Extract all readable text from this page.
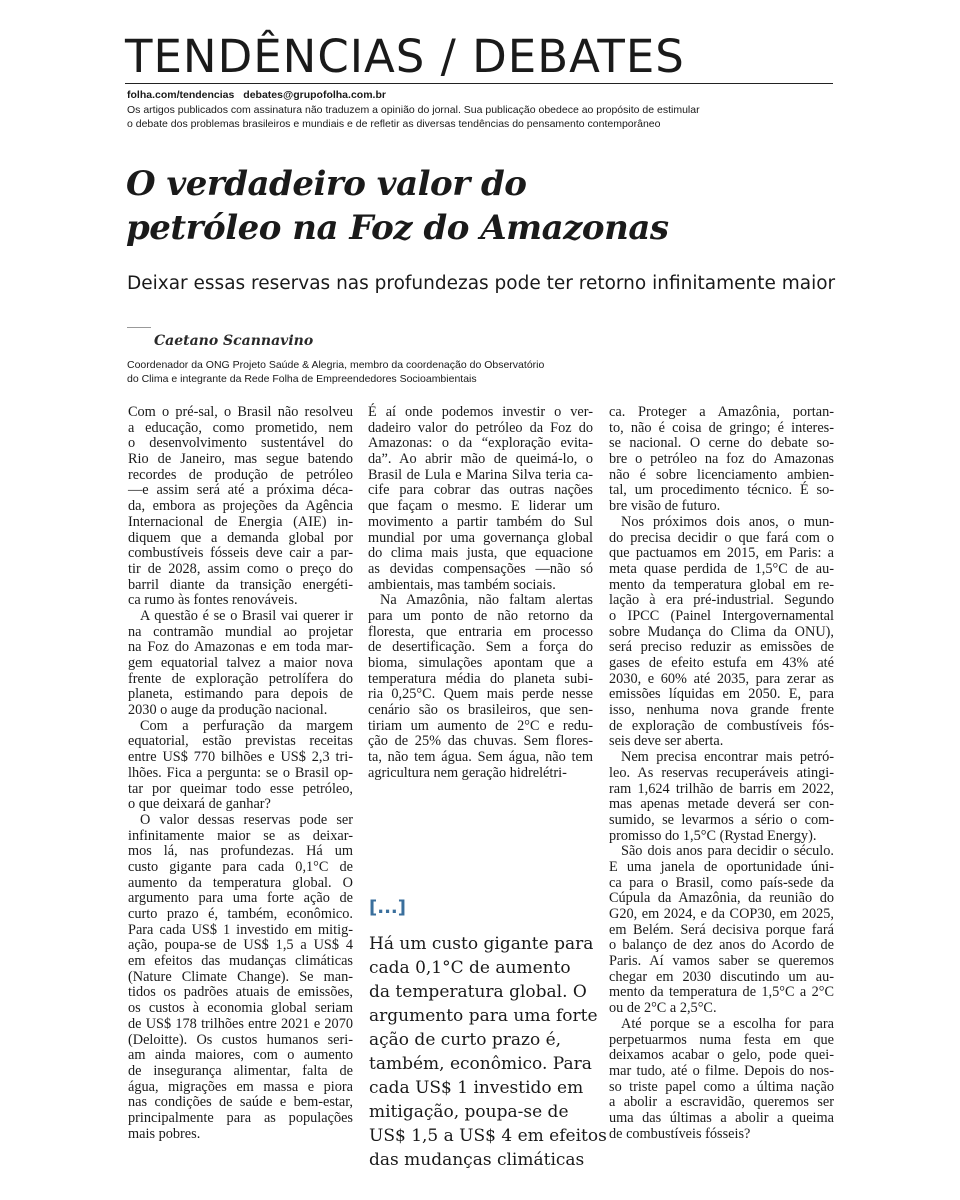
TENDÊNCIAS / DEBATES
folha.com/tendencias debates@grupofolha.com.br
Os artigos publicados com assinatura não traduzem a opinião do jornal. Sua publicação obedece ao propósito de estimular
o debate dos problemas brasileiros e mundiais e de refletir as diversas tendências do pensamento contemporâneo
O verdadeiro valor do
petróleo na Foz do Amazonas
Deixar essas reservas nas profundezas pode ter retorno infinitamente maior
Caetano Scannavino
Coordenador da ONG Projeto Saúde & Alegria, membro da coordenação do Observatório
do Clima e integrante da Rede Folha de Empreendedores Socioambientais

Com o pré-sal, o Brasil não resolveu
a educação, como prometido, nem
o desenvolvimento sustentável do
Rio de Janeiro, mas segue batendo
recordes de produção de petróleo
—e assim será até a próxima déca-
da, embora as projeções da Agência
Internacional de Energia (AIE) in-
diquem que a demanda global por
combustíveis fósseis deve cair a par-
tir de 2028, assim como o preço do
barril diante da transição energéti-
ca rumo às fontes renováveis.

A questão é se o Brasil vai querer ir
na contramão mundial ao projetar
na Foz do Amazonas e em toda mar-
gem equatorial talvez a maior nova
frente de exploração petrolífera do
planeta, estimando para depois de
2030 o auge da produção nacional.

Com a perfuração da margem
equatorial, estão previstas receitas
entre US$ 770 bilhões e US$ 2,3 tri-
lhões. Fica a pergunta: se o Brasil op-
tar por queimar todo esse petróleo,
o que deixará de ganhar?

O valor dessas reservas pode ser
infinitamente maior se as deixar-
mos lá, nas profundezas. Há um
custo gigante para cada 0,1°C de
aumento da temperatura global. O
argumento para uma forte ação de
curto prazo é, também, econômico.
Para cada US$ 1 investido em mitig-
ação, poupa-se de US$ 1,5 a US$ 4
em efeitos das mudanças climáticas
(Nature Climate Change). Se man-
tidos os padrões atuais de emissões,
os custos à economia global seriam
de US$ 178 trilhões entre 2021 e 2070
(Deloitte). Os custos humanos seri-
am ainda maiores, com o aumento
de insegurança alimentar, falta de
água, migrações em massa e piora
nas condições de saúde e bem-estar,
principalmente para as populações
mais pobres.

É aí onde podemos investir o ver-
dadeiro valor do petróleo da Foz do
Amazonas: o da “exploração evita-
da”. Ao abrir mão de queimá-lo, o
Brasil de Lula e Marina Silva teria ca-
cife para cobrar das outras nações
que façam o mesmo. E liderar um
movimento a partir também do Sul
mundial por uma governança global
do clima mais justa, que equacione
as devidas compensações —não só
ambientais, mas também sociais.

Na Amazônia, não faltam alertas
para um ponto de não retorno da
floresta, que entraria em processo
de desertificação. Sem a força do
bioma, simulações apontam que a
temperatura média do planeta subi-
ria 0,25°C. Quem mais perde nesse
cenário são os brasileiros, que sen-
tiriam um aumento de 2°C e redu-
ção de 25% das chuvas. Sem flores-
ta, não tem água. Sem água, não tem
agricultura nem geração hidrelétri-

ca. Proteger a Amazônia, portan-
to, não é coisa de gringo; é interes-
se nacional. O cerne do debate so-
bre o petróleo na foz do Amazonas
não é sobre licenciamento ambien-
tal, um procedimento técnico. É so-
bre visão de futuro.

Nos próximos dois anos, o mun-
do precisa decidir o que fará com o
que pactuamos em 2015, em Paris: a
meta quase perdida de 1,5°C de au-
mento da temperatura global em re-
lação à era pré-industrial. Segundo
o IPCC (Painel Intergovernamental
sobre Mudança do Clima da ONU),
será preciso reduzir as emissões de
gases de efeito estufa em 43% até
2030, e 60% até 2035, para zerar as
emissões líquidas em 2050. E, para
isso, nenhuma nova grande frente
de exploração de combustíveis fós-
seis deve ser aberta.

Nem precisa encontrar mais petró-
leo. As reservas recuperáveis atingi-
ram 1,624 trilhão de barris em 2022,
mas apenas metade deverá ser con-
sumido, se levarmos a sério o com-
promisso do 1,5°C (Rystad Energy).

São dois anos para decidir o século.
E uma janela de oportunidade úni-
ca para o Brasil, como país-sede da
Cúpula da Amazônia, da reunião do
G20, em 2024, e da COP30, em 2025,
em Belém. Será decisiva porque fará
o balanço de dez anos do Acordo de
Paris. Aí vamos saber se queremos
chegar em 2030 discutindo um au-
mento da temperatura de 1,5°C a 2°C
ou de 2°C a 2,5°C.

Até porque se a escolha for para
perpetuarmos numa festa em que
deixamos acabar o gelo, pode quei-
mar tudo, até o filme. Depois do nos-
so triste papel como a última nação
a abolir a escravidão, queremos ser
uma das últimas a abolir a queima
de combustíveis fósseis?

[...]
Há um custo gigante para
cada 0,1°C de aumento
da temperatura global. O
argumento para uma forte
ação de curto prazo é,
também, econômico. Para
cada US$ 1 investido em
mitigação, poupa-se de
US$ 1,5 a US$ 4 em efeitos
das mudanças climáticas
